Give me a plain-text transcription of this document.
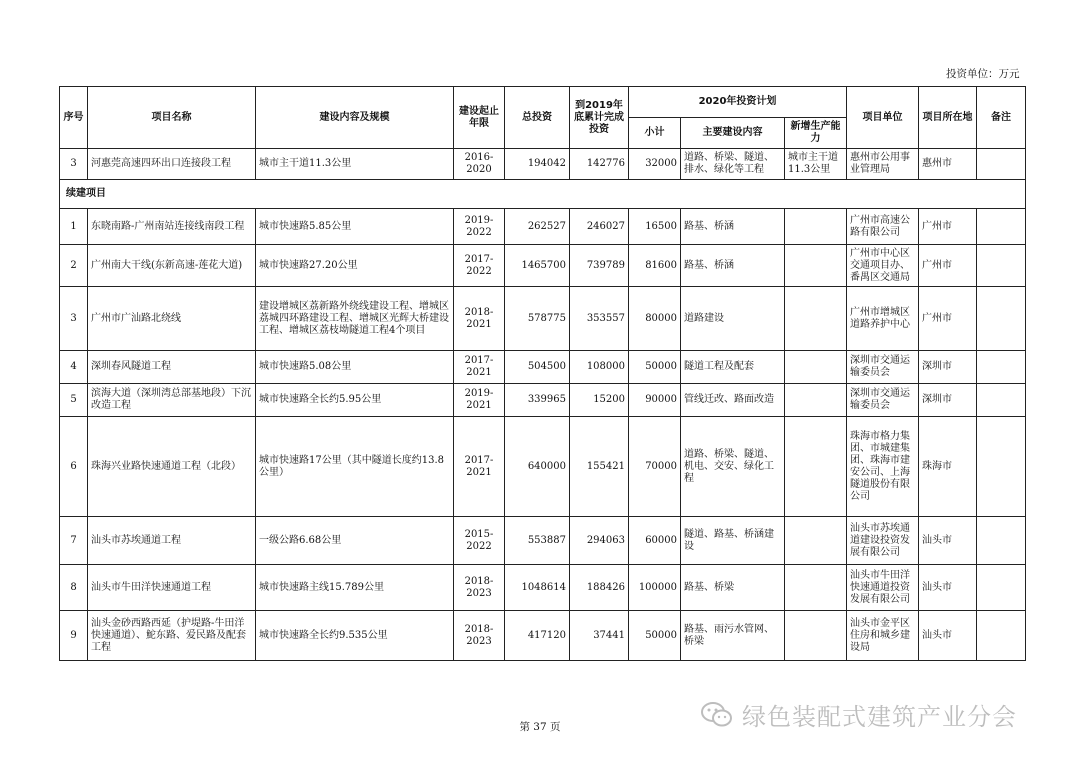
投资单位：万元
序号	项目名称	建设内容及规模	建设起止年限	总投资	到2019年底累计完成投资	2020年投资计划			项目单位	项目所在地	备注
						小计	主要建设内容	新增生产能力			
3	河惠莞高速四环出口连接段工程	城市主干道11.3公里	2016-2020	194042	142776	32000	道路、桥梁、隧道、排水、绿化等工程	城市主干道11.3公里	惠州市公用事业管理局	惠州市	
续建项目											
1	东晓南路-广州南站连接线南段工程	城市快速路5.85公里	2019-2022	262527	246027	16500	路基、桥涵		广州市高速公路有限公司	广州市	
2	广州南大干线(东新高速-莲花大道)	城市快速路27.20公里	2017-2022	1465700	739789	81600	路基、桥涵		广州市中心区交通项目办、番禺区交通局	广州市	
3	广州市广汕路北绕线	建设增城区荔新路外绕线建设工程、增城区荔城四环路建设工程、增城区光辉大桥建设工程、增城区荔枝坳隧道工程4个项目	2018-2021	578775	353557	80000	道路建设		广州市增城区道路养护中心	广州市	
4	深圳春风隧道工程	城市快速路5.08公里	2017-2021	504500	108000	50000	隧道工程及配套		深圳市交通运输委员会	深圳市	
5	滨海大道（深圳湾总部基地段）下沉改造工程	城市快速路全长约5.95公里	2019-2021	339965	15200	90000	管线迁改、路面改造		深圳市交通运输委员会	深圳市	
6	珠海兴业路快速通道工程（北段）	城市快速路17公里（其中隧道长度约13.8公里）	2017-2021	640000	155421	70000	道路、桥梁、隧道、机电、交安、绿化工程		珠海市格力集团、市城建集团、珠海市建安公司、上海隧道股份有限公司	珠海市	
7	汕头市苏埃通道工程	一级公路6.68公里	2015-2022	553887	294063	60000	隧道、路基、桥涵建设		汕头市苏埃通道建设投资发展有限公司	汕头市	
8	汕头市牛田洋快速通道工程	城市快速路主线15.789公里	2018-2023	1048614	188426	100000	路基、桥梁		汕头市牛田洋快速通道投资发展有限公司	汕头市	
9	汕头金砂西路西延（护堤路-牛田洋快速通道）、鮀东路、爱民路及配套工程	城市快速路全长约9.535公里	2018-2023	417120	37441	50000	路基、雨污水管网、桥梁		汕头市金平区住房和城乡建设局	汕头市	
绿色装配式建筑产业分会
第 37 页
